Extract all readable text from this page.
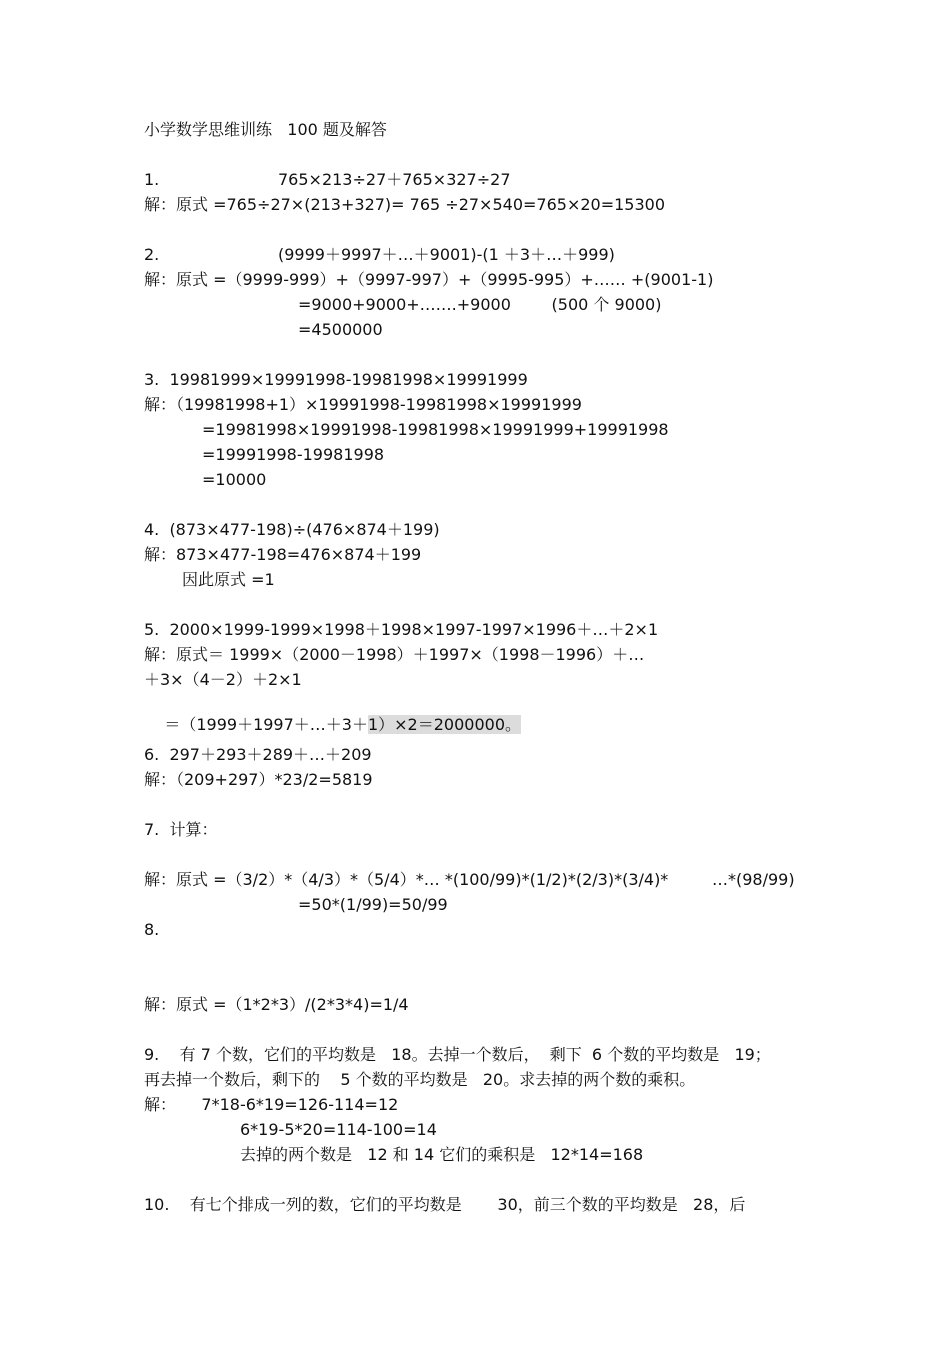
小学数学思维训练   100 题及解答
1.	765×213÷27＋765×327÷27
解：原式 =765÷27×(213+327)= 765 ÷27×540=765×20=15300
2.	(9999＋9997＋…＋9001)-(1 ＋3＋…＋999)
解：原式 =（9999-999）+（9997-997）+（9995-995）+…… +(9001-1)
=9000+9000+…….+9000        (500 个 9000)
=4500000
3.  19981999×19991998-19981998×19991999
解：（19981998+1）×19991998-19981998×19991999
=19981998×19991998-19981998×19991999+19991998
=19991998-19981998
=10000
4.  (873×477-198)÷(476×874＋199)
解：873×477-198=476×874＋199
因此原式 =1
5.  2000×1999-1999×1998＋1998×1997-1997×1996＋…＋2×1
解：原式＝ 1999×（2000－1998）＋1997×（1998－1996）＋…
＋3×（4－2）＋2×1

＝（1999＋1997＋…＋3＋1）×2＝2000000。

6.  297＋293＋289＋…＋209
解：（209+297）*23/2=5819
7.  计算：
解：原式 =（3/2）*（4/3）*（5/4）*… *(100/99)*(1/2)*(2/3)*(3/4)*	…*(98/99)
=50*(1/99)=50/99
8.
解：原式 =（1*2*3）/(2*3*4)=1/4
9.    有 7 个数，它们的平均数是   18。去掉一个数后，  剩下  6 个数的平均数是   19；
再去掉一个数后，剩下的    5 个数的平均数是   20。求去掉的两个数的乘积。
解：     7*18-6*19=126-114=12
6*19-5*20=114-100=14
去掉的两个数是   12 和 14 它们的乘积是   12*14=168
10.    有七个排成一列的数，它们的平均数是       30，前三个数的平均数是   28，后
